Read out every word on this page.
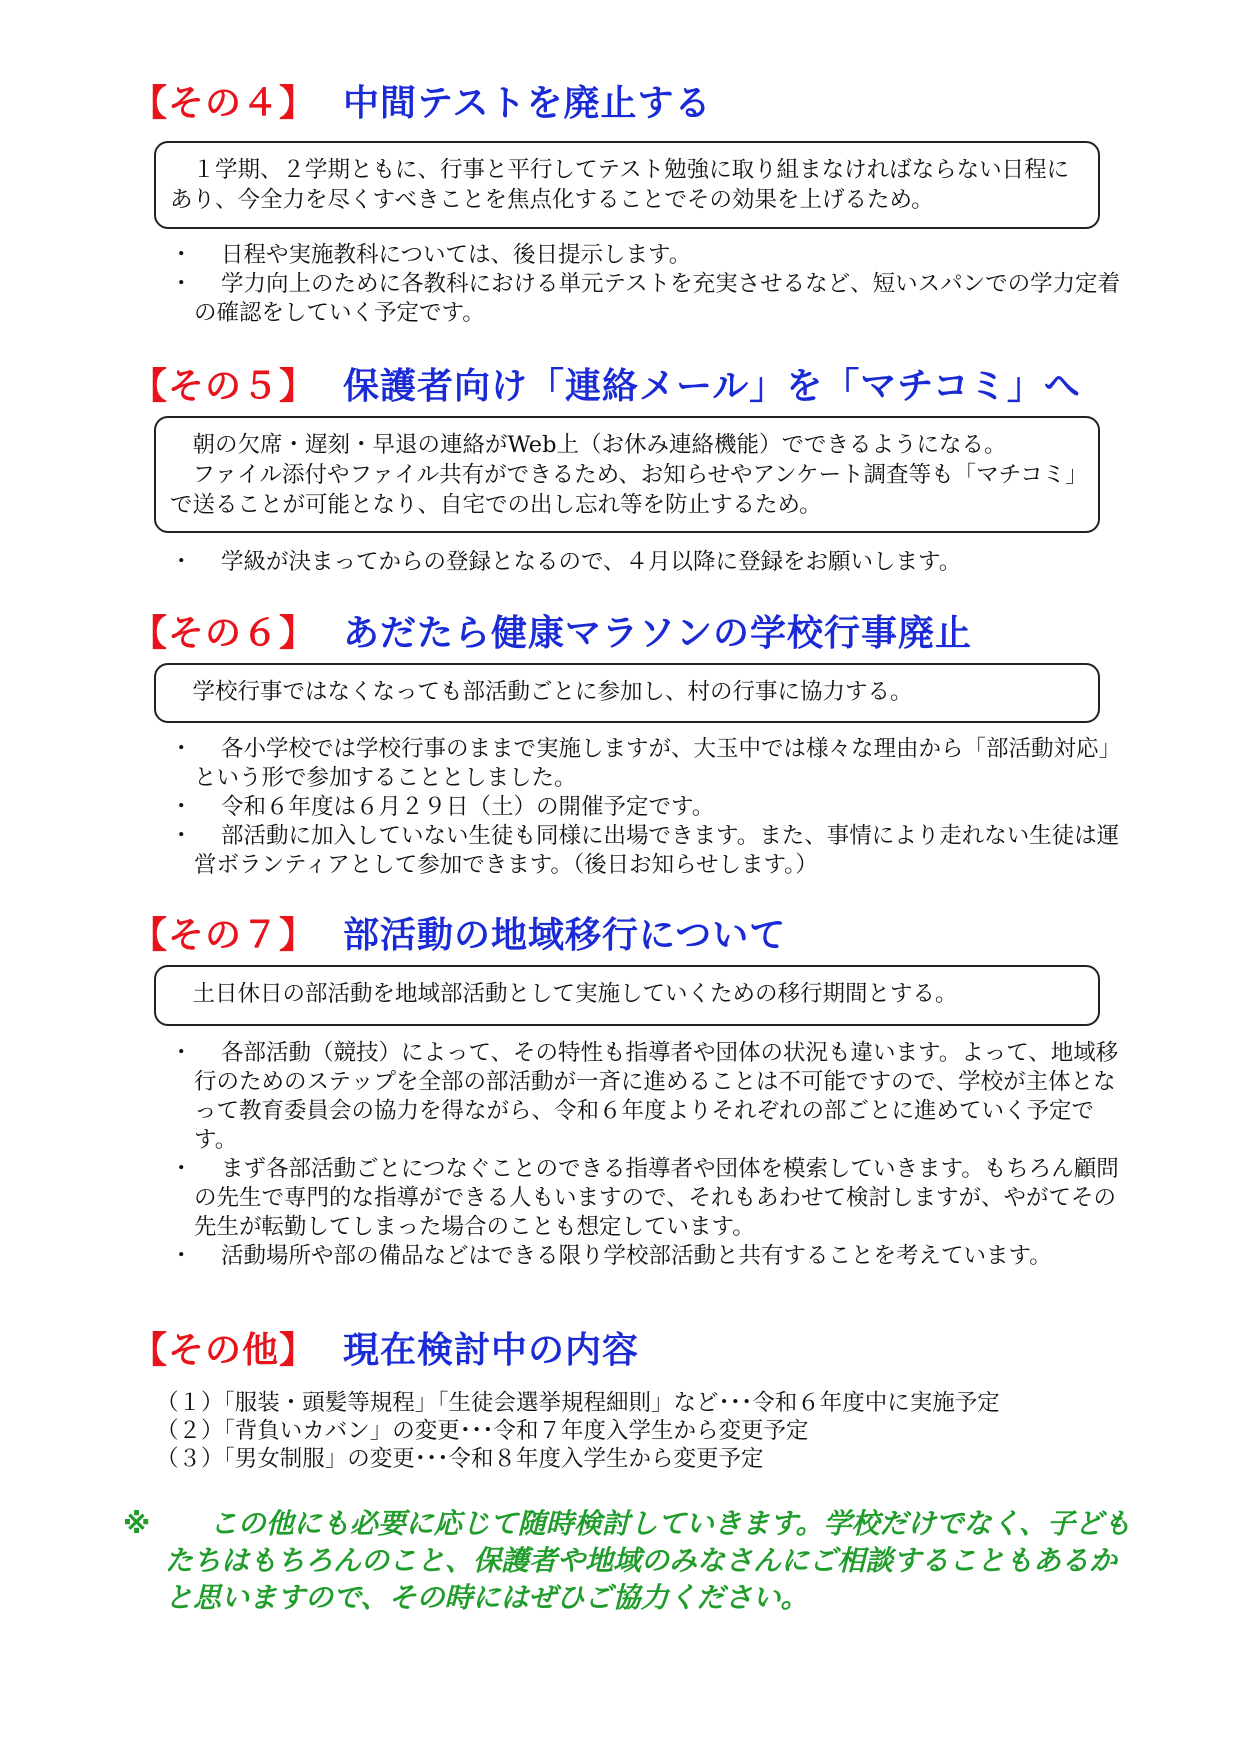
【その４】 中間テストを廃止する

　１学期、２学期ともに、行事と平行してテスト勉強に取り組まなければならない日程にあり、今全力を尽くすべきことを焦点化することでその効果を上げるため。

・	日程や実施教科については、後日提示します。
・	学力向上のために各教科における単元テストを充実させるなど、短いスパンでの学力定着の確認をしていく予定です。
【その５】 保護者向け「連絡メール」を「マチコミ」へ

　朝の欠席・遅刻・早退の連絡がWeb上（お休み連絡機能）でできるようになる。

　ファイル添付やファイル共有ができるため、お知らせやアンケート調査等も「マチコミ」で送ることが可能となり、自宅での出し忘れ等を防止するため。

・	学級が決まってからの登録となるので、４月以降に登録をお願いします。
【その６】 あだたら健康マラソンの学校行事廃止

　学校行事ではなくなっても部活動ごとに参加し、村の行事に協力する。

・	各小学校では学校行事のままで実施しますが、大玉中では様々な理由から「部活動対応」という形で参加することとしました。
・	令和６年度は６月２９日（土）の開催予定です。
・	部活動に加入していない生徒も同様に出場できます。また、事情により走れない生徒は運営ボランティアとして参加できます。（後日お知らせします。）
【その７】 部活動の地域移行について

　土日休日の部活動を地域部活動として実施していくための移行期間とする。

・	各部活動（競技）によって、その特性も指導者や団体の状況も違います。よって、地域移行のためのステップを全部の部活動が一斉に進めることは不可能ですので、学校が主体となって教育委員会の協力を得ながら、令和６年度よりそれぞれの部ごとに進めていく予定です。
・	まず各部活動ごとにつなぐことのできる指導者や団体を模索していきます。もちろん顧問の先生で専門的な指導ができる人もいますので、それもあわせて検討しますが、やがてその先生が転勤してしまった場合のことも想定しています。
・	活動場所や部の備品などはできる限り学校部活動と共有することを考えています。
【その他】 現在検討中の内容
（１）「服装・頭髪等規程」「生徒会選挙規程細則」など･･･令和６年度中に実施予定
（２）「背負いカバン」の変更･･･令和７年度入学生から変更予定
（３）「男女制服」の変更･･･令和８年度入学生から変更予定
※	この他にも必要に応じて随時検討していきます。学校だけでなく、子どもたちはもちろんのこと、保護者や地域のみなさんにご相談することもあるかと思いますので、その時にはぜひご協力ください。
